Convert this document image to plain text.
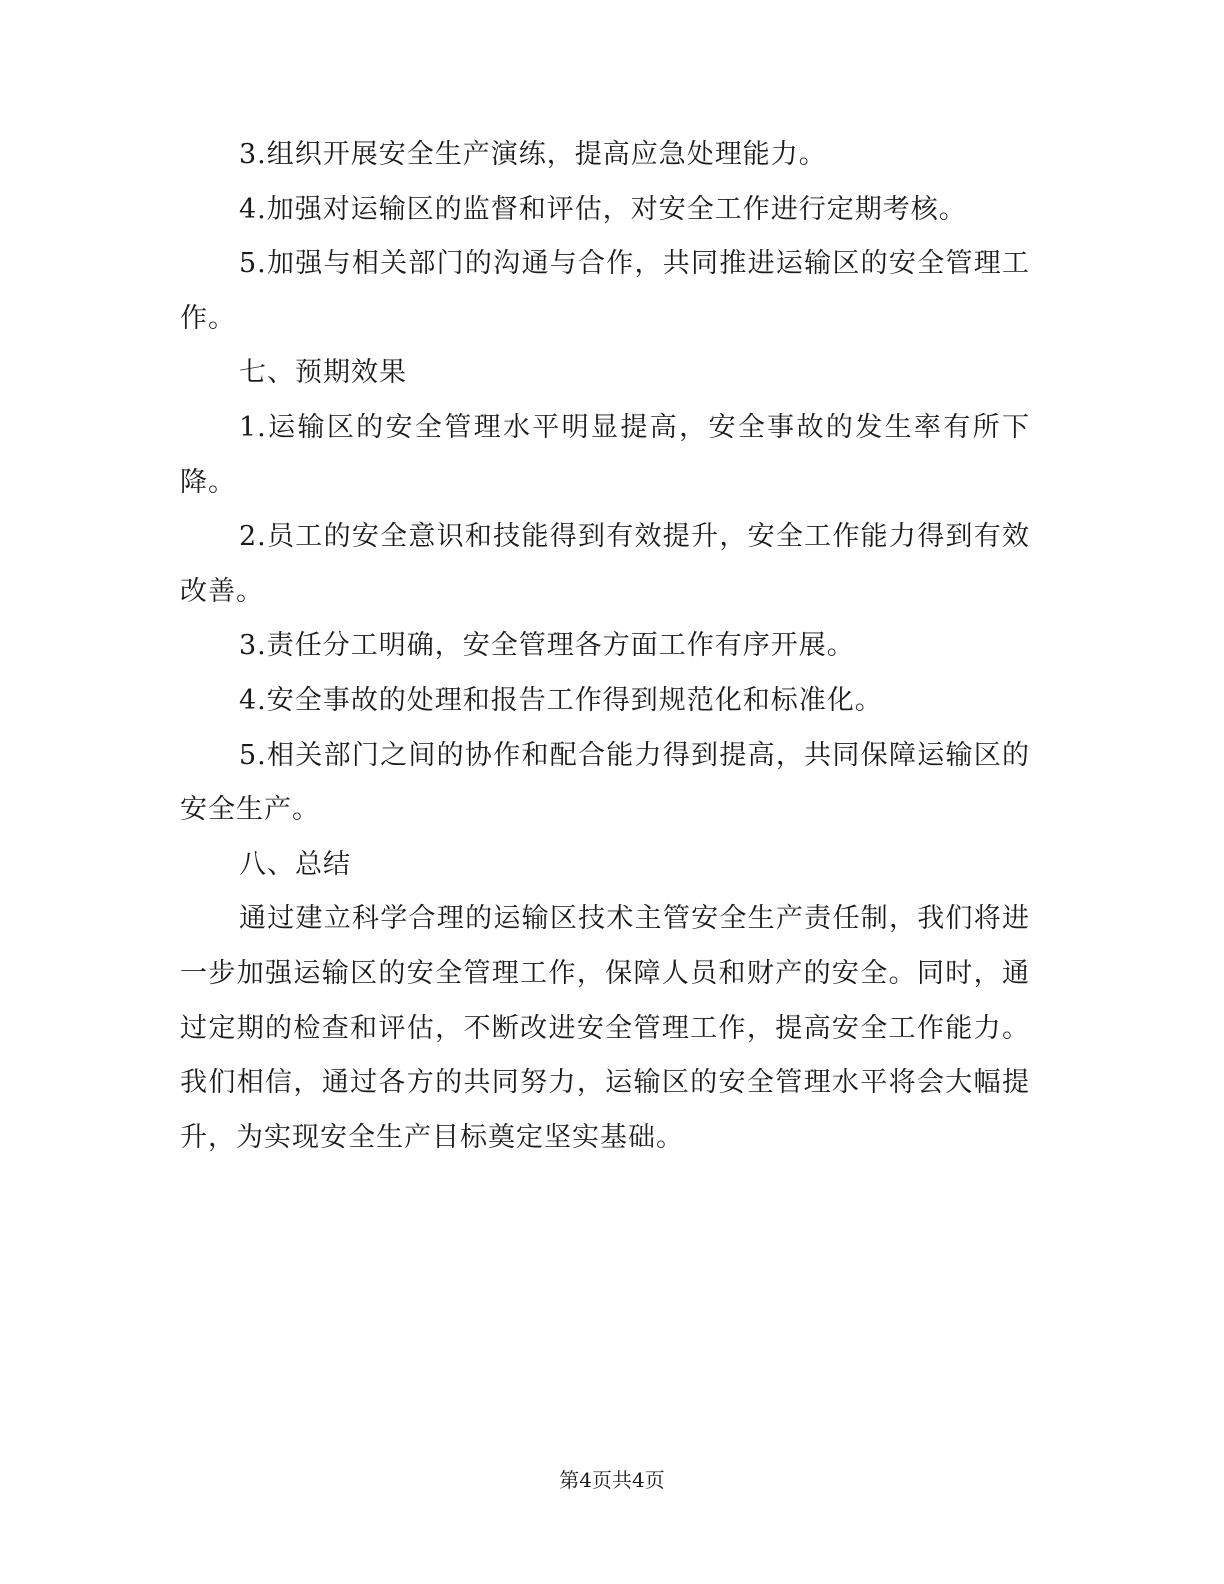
3.组织开展安全生产演练，提高应急处理能力。

4.加强对运输区的监督和评估，对安全工作进行定期考核。

5.加强与相关部门的沟通与合作，共同推进运输区的安全管理工作。

七、预期效果

1.运输区的安全管理水平明显提高，安全事故的发生率有所下降。

2.员工的安全意识和技能得到有效提升，安全工作能力得到有效改善。

3.责任分工明确，安全管理各方面工作有序开展。

4.安全事故的处理和报告工作得到规范化和标准化。

5.相关部门之间的协作和配合能力得到提高，共同保障运输区的安全生产。

八、总结

通过建立科学合理的运输区技术主管安全生产责任制，我们将进一步加强运输区的安全管理工作，保障人员和财产的安全。同时，通过定期的检查和评估，不断改进安全管理工作，提高安全工作能力。我们相信，通过各方的共同努力，运输区的安全管理水平将会大幅提升，为实现安全生产目标奠定坚实基础。

第4页共4页
